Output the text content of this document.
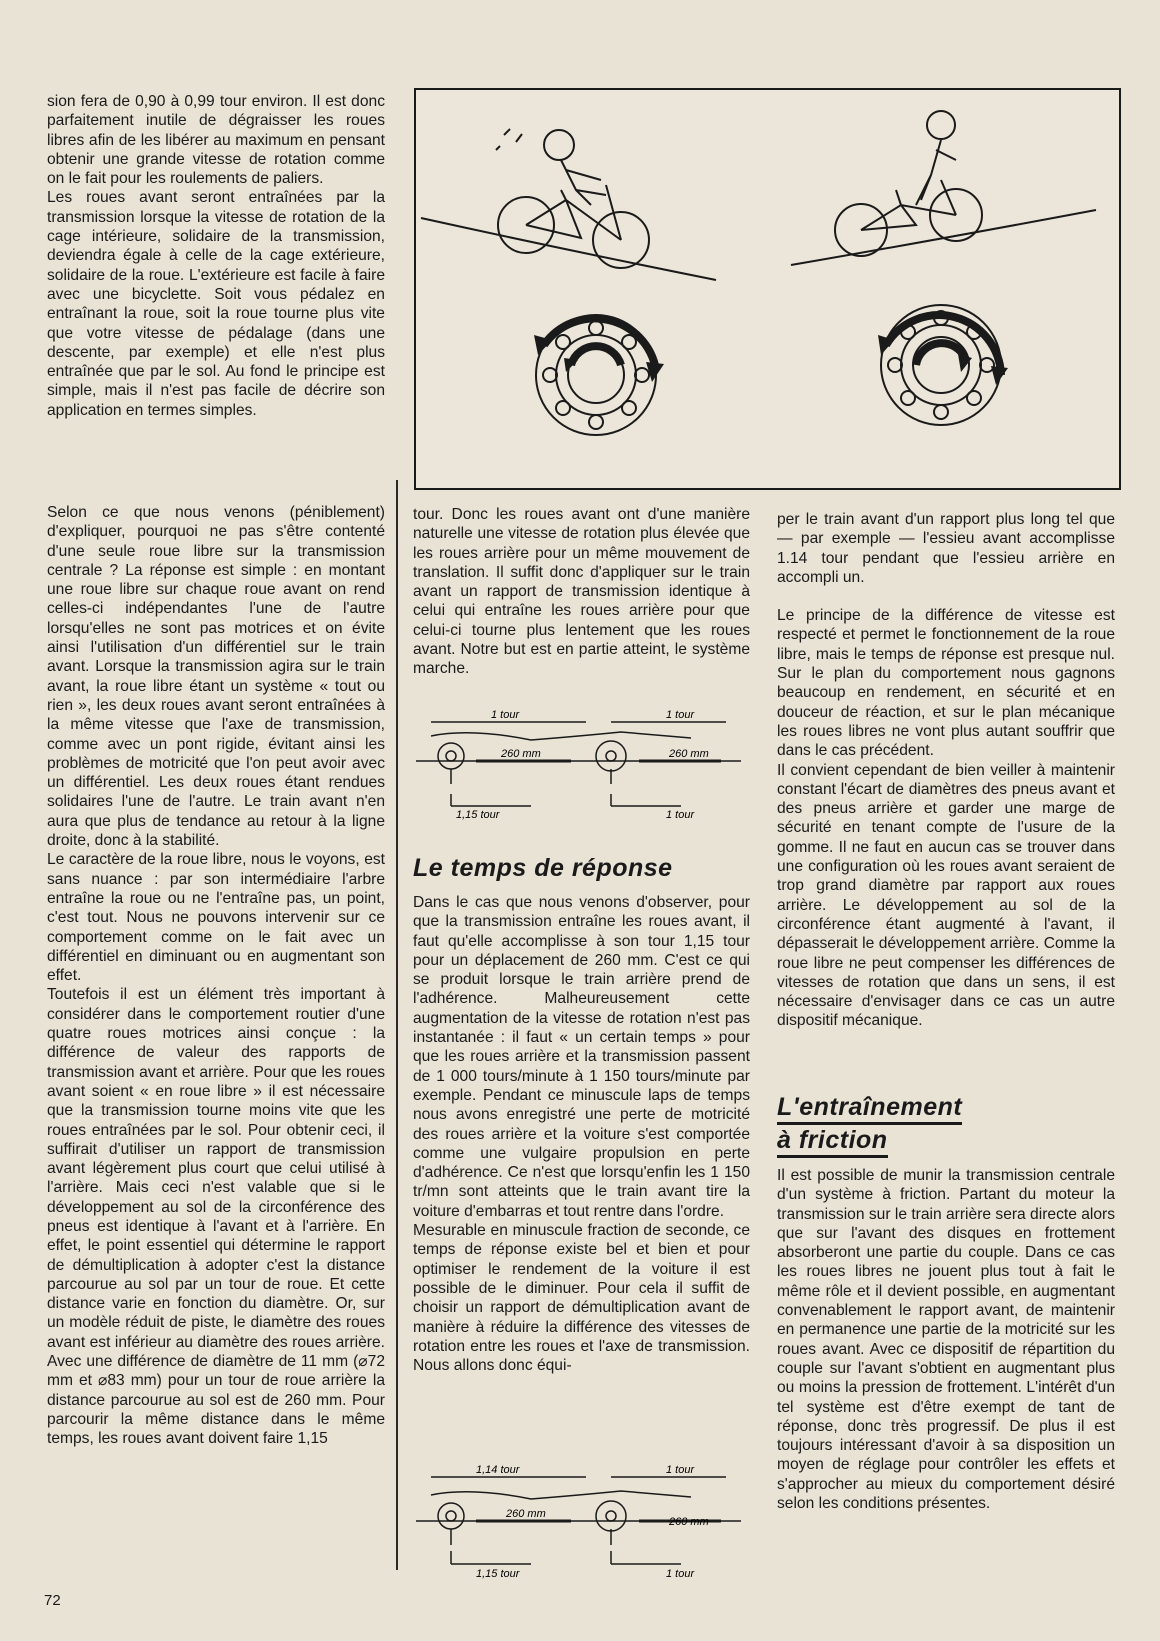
sion fera de 0,90 à 0,99 tour environ. Il est donc parfaitement inutile de dégraisser les roues libres afin de les libérer au maximum en pensant obtenir une grande vitesse de rotation comme on le fait pour les roulements de paliers.

Les roues avant seront entraînées par la transmission lorsque la vitesse de rotation de la cage intérieure, solidaire de la transmission, deviendra égale à celle de la cage extérieure, solidaire de la roue. L'extérieure est facile à faire avec une bicyclette. Soit vous pédalez en entraînant la roue, soit la roue tourne plus vite que votre vitesse de pédalage (dans une descente, par exemple) et elle n'est plus entraînée que par le sol. Au fond le principe est simple, mais il n'est pas facile de décrire son application en termes simples.

Selon ce que nous venons (péniblement) d'expliquer, pourquoi ne pas s'être contenté d'une seule roue libre sur la transmission centrale ? La réponse est simple : en montant une roue libre sur chaque roue avant on rend celles-ci indépendantes l'une de l'autre lorsqu'elles ne sont pas motrices et on évite ainsi l'utilisation d'un différentiel sur le train avant. Lorsque la transmission agira sur le train avant, la roue libre étant un système « tout ou rien », les deux roues avant seront entraînées à la même vitesse que l'axe de transmission, comme avec un pont rigide, évitant ainsi les problèmes de motricité que l'on peut avoir avec un différentiel. Les deux roues étant rendues solidaires l'une de l'autre. Le train avant n'en aura que plus de tendance au retour à la ligne droite, donc à la stabilité.

Le caractère de la roue libre, nous le voyons, est sans nuance : par son intermédiaire l'arbre entraîne la roue ou ne l'entraîne pas, un point, c'est tout. Nous ne pouvons intervenir sur ce comportement comme on le fait avec un différentiel en diminuant ou en augmentant son effet.

Toutefois il est un élément très important à considérer dans le comportement routier d'une quatre roues motrices ainsi conçue : la différence de valeur des rapports de transmission avant et arrière. Pour que les roues avant soient « en roue libre » il est nécessaire que la transmission tourne moins vite que les roues entraînées par le sol. Pour obtenir ceci, il suffirait d'utiliser un rapport de transmission avant légèrement plus court que celui utilisé à l'arrière. Mais ceci n'est valable que si le développement au sol de la circonférence des pneus est identique à l'avant et à l'arrière. En effet, le point essentiel qui détermine le rapport de démultiplication à adopter c'est la distance parcourue au sol par un tour de roue. Et cette distance varie en fonction du diamètre. Or, sur un modèle réduit de piste, le diamètre des roues avant est inférieur au diamètre des roues arrière. Avec une différence de diamètre de 11 mm (⌀72 mm et ⌀83 mm) pour un tour de roue arrière la distance parcourue au sol est de 260 mm. Pour parcourir la même distance dans le même temps, les roues avant doivent faire 1,15

tour. Donc les roues avant ont d'une manière naturelle une vitesse de rotation plus élevée que les roues arrière pour un même mouvement de translation. Il suffit donc d'appliquer sur le train avant un rapport de transmission identique à celui qui entraîne les roues arrière pour que celui-ci tourne plus lentement que les roues avant. Notre but est en partie atteint, le système marche.

1 tour	1 tour
260 mm	260 mm
1,15 tour	1 tour

Le temps de réponse

Dans le cas que nous venons d'observer, pour que la transmission entraîne les roues avant, il faut qu'elle accomplisse à son tour 1,15 tour pour un déplacement de 260 mm. C'est ce qui se produit lorsque le train arrière prend de l'adhérence. Malheureusement cette augmentation de la vitesse de rotation n'est pas instantanée : il faut « un certain temps » pour que les roues arrière et la transmission passent de 1 000 tours/minute à 1 150 tours/minute par exemple. Pendant ce minuscule laps de temps nous avons enregistré une perte de motricité des roues arrière et la voiture s'est comportée comme une vulgaire propulsion en perte d'adhérence. Ce n'est que lorsqu'enfin les 1 150 tr/mn sont atteints que le train avant tire la voiture d'embarras et tout rentre dans l'ordre.

Mesurable en minuscule fraction de seconde, ce temps de réponse existe bel et bien et pour optimiser le rendement de la voiture il est possible de le diminuer. Pour cela il suffit de choisir un rapport de démultiplication avant de manière à réduire la différence des vitesses de rotation entre les roues et l'axe de transmission. Nous allons donc équi-

1,14 tour	1 tour
260 mm
260 mm
1,15 tour	1 tour

per le train avant d'un rapport plus long tel que — par exemple — l'essieu avant accomplisse 1.14 tour pendant que l'essieu arrière en accompli un.

Le principe de la différence de vitesse est respecté et permet le fonctionnement de la roue libre, mais le temps de réponse est presque nul. Sur le plan du comportement nous gagnons beaucoup en rendement, en sécurité et en douceur de réaction, et sur le plan mécanique les roues libres ne vont plus autant souffrir que dans le cas précédent.

Il convient cependant de bien veiller à maintenir constant l'écart de diamètres des pneus avant et des pneus arrière et garder une marge de sécurité en tenant compte de l'usure de la gomme. Il ne faut en aucun cas se trouver dans une configuration où les roues avant seraient de trop grand diamètre par rapport aux roues arrière. Le développement au sol de la circonférence étant augmenté à l'avant, il dépasserait le développement arrière. Comme la roue libre ne peut compenser les différences de vitesses de rotation que dans un sens, il est nécessaire d'envisager dans ce cas un autre dispositif mécanique.

L'entraînement

à friction

Il est possible de munir la transmission centrale d'un système à friction. Partant du moteur la transmission sur le train arrière sera directe alors que sur l'avant des disques en frottement absorberont une partie du couple. Dans ce cas les roues libres ne jouent plus tout à fait le même rôle et il devient possible, en augmentant convenablement le rapport avant, de maintenir en permanence une partie de la motricité sur les roues avant. Avec ce dispositif de répartition du couple sur l'avant s'obtient en augmentant plus ou moins la pression de frottement. L'intérêt d'un tel système est d'être exempt de tant de réponse, donc très progressif. De plus il est toujours intéressant d'avoir à sa disposition un moyen de réglage pour contrôler les effets et s'approcher au mieux du comportement désiré selon les conditions présentes.

72
